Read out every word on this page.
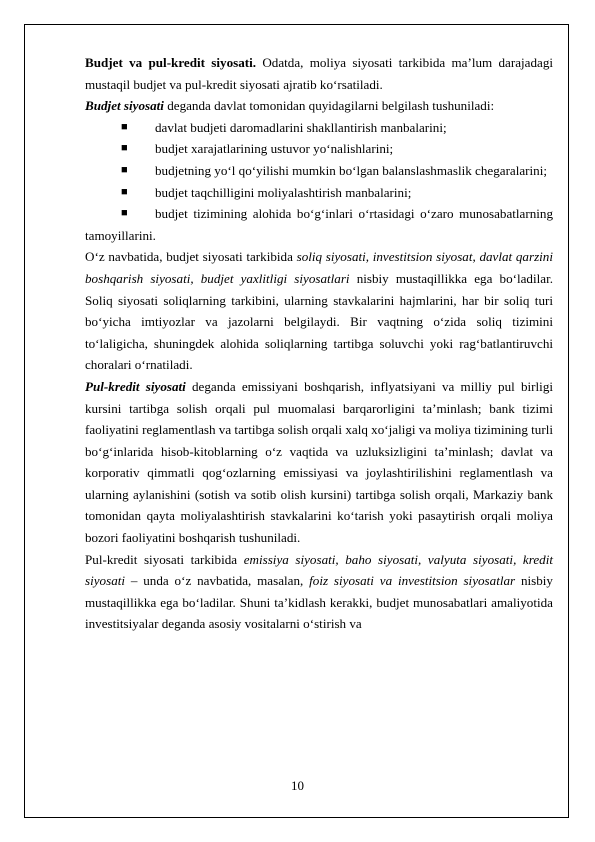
Budjet va pul-kredit siyosati. Odatda, moliya siyosati tarkibida ma’lum darajadagi mustaqil budjet va pul-kredit siyosati ajratib ko‘rsatiladi.

Budjet siyosati deganda davlat tomonidan quyidagilarni belgilash tushuniladi:

■ davlat budjeti daromadlarini shakllantirish manbalarini;

■ budjet xarajatlarining ustuvor yo‘nalishlarini;

■ budjetning yo‘l qo‘yilishi mumkin bo‘lgan balanslashmaslik chegaralarini;

■ budjet taqchilligini moliyalashtirish manbalarini;

■ budjet tizimining alohida bo‘g‘inlari o‘rtasidagi o‘zaro munosabatlarning tamoyillarini.

O‘z navbatida, budjet siyosati tarkibida soliq siyosati, investitsion siyosat, davlat qarzini boshqarish siyosati, budjet yaxlitligi siyosatlari nisbiy mustaqillikka ega bo‘ladilar. Soliq siyosati soliqlarning tarkibini, ularning stavkalarini hajmlarini, har bir soliq turi bo‘yicha imtiyozlar va jazolarni belgilaydi. Bir vaqtning o‘zida soliq tizimini to‘laligicha, shuningdek alohida soliqlarning tartibga soluvchi yoki rag‘batlantiruvchi choralari o‘rnatiladi.

Pul-kredit siyosati deganda emissiyani boshqarish, inflyatsiyani va milliy pul birligi kursini tartibga solish orqali pul muomalasi barqarorligini ta’minlash; bank tizimi faoliyatini reglamentlash va tartibga solish orqali xalq xo‘jaligi va moliya tizimining turli bo‘g‘inlarida hisob-kitoblarning o‘z vaqtida va uzluksizligini ta’minlash; davlat va korporativ qimmatli qog‘ozlarning emissiyasi va joylashtirilishini reglamentlash va ularning aylanishini (sotish va sotib olish kursini) tartibga solish orqali, Markaziy bank tomonidan qayta moliyalashtirish stavkalarini ko‘tarish yoki pasaytirish orqali moliya bozori faoliyatini boshqarish tushuniladi.

Pul-kredit siyosati tarkibida emissiya siyosati, baho siyosati, valyuta siyosati, kredit siyosati – unda o‘z navbatida, masalan, foiz siyosati va investitsion siyosatlar nisbiy mustaqillikka ega bo‘ladilar. Shuni ta’kidlash kerakki, budjet munosabatlari amaliyotida investitsiyalar deganda asosiy vositalarni o‘stirish va

10
